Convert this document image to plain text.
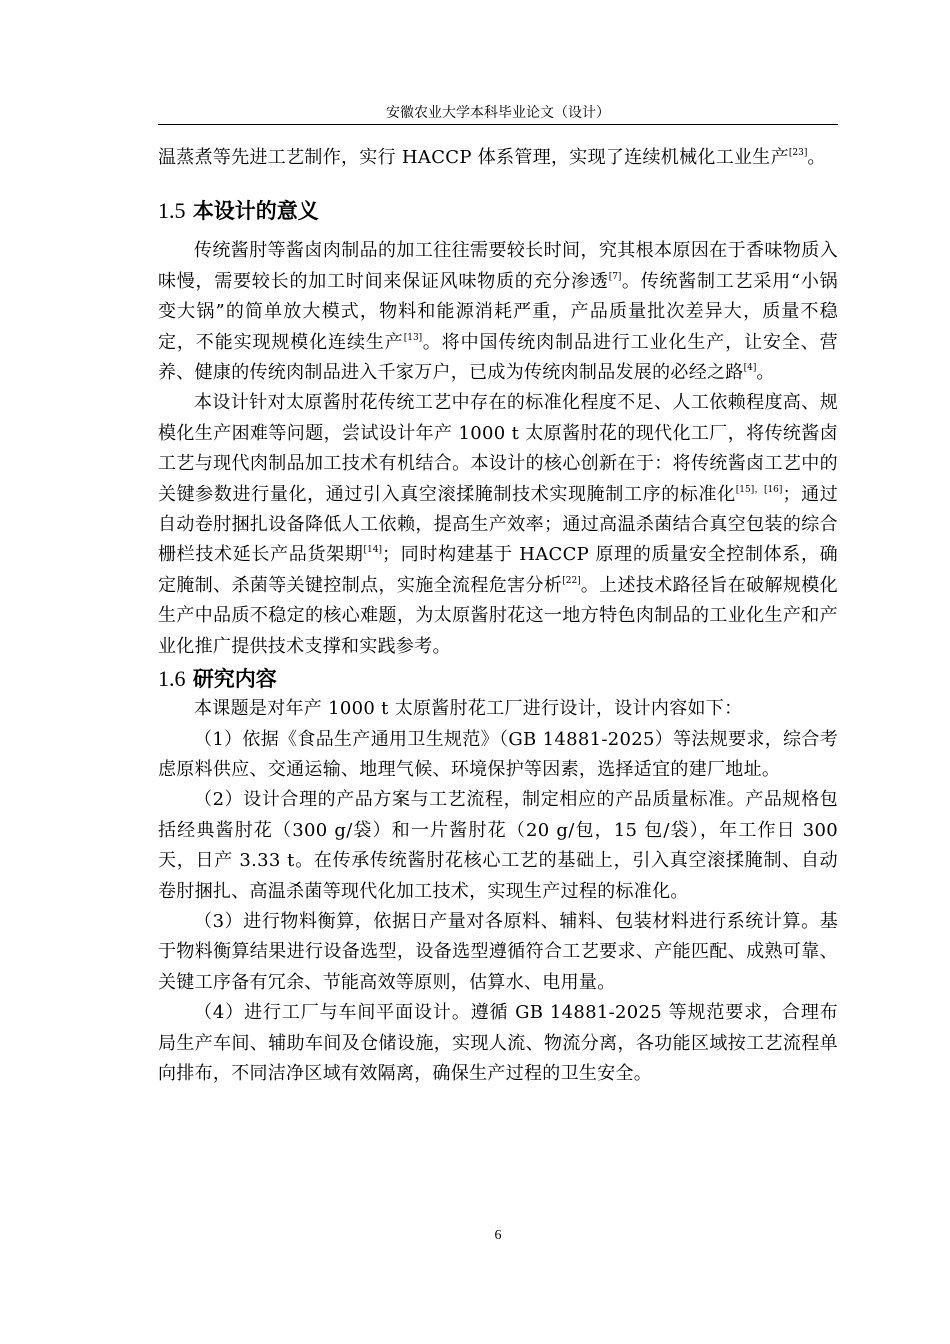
安徽农业大学本科毕业论文（设计）

温蒸煮等先进工艺制作，实行 HACCP 体系管理，实现了连续机械化工业生产[23]。

1.5 本设计的意义

传统酱肘等酱卤肉制品的加工往往需要较长时间，究其根本原因在于香味物质入味慢，需要较长的加工时间来保证风味物质的充分渗透[7]。传统酱制工艺采用“小锅变大锅”的简单放大模式，物料和能源消耗严重，产品质量批次差异大，质量不稳定，不能实现规模化连续生产[13]。将中国传统肉制品进行工业化生产，让安全、营养、健康的传统肉制品进入千家万户，已成为传统肉制品发展的必经之路[4]。

本设计针对太原酱肘花传统工艺中存在的标准化程度不足、人工依赖程度高、规模化生产困难等问题，尝试设计年产 1000 t 太原酱肘花的现代化工厂，将传统酱卤工艺与现代肉制品加工技术有机结合。本设计的核心创新在于：将传统酱卤工艺中的关键参数进行量化，通过引入真空滚揉腌制技术实现腌制工序的标准化[15]，[16]；通过自动卷肘捆扎设备降低人工依赖，提高生产效率；通过高温杀菌结合真空包装的综合栅栏技术延长产品货架期[14]；同时构建基于 HACCP 原理的质量安全控制体系，确定腌制、杀菌等关键控制点，实施全流程危害分析[22]。上述技术路径旨在破解规模化生产中品质不稳定的核心难题，为太原酱肘花这一地方特色肉制品的工业化生产和产业化推广提供技术支撑和实践参考。

1.6 研究内容

本课题是对年产 1000 t 太原酱肘花工厂进行设计，设计内容如下：

（1）依据《食品生产通用卫生规范》（GB 14881-2025）等法规要求，综合考虑原料供应、交通运输、地理气候、环境保护等因素，选择适宜的建厂地址。

（2）设计合理的产品方案与工艺流程，制定相应的产品质量标准。产品规格包括经典酱肘花（300 g/袋）和一片酱肘花（20 g/包，15 包/袋），年工作日 300 天，日产 3.33 t。在传承传统酱肘花核心工艺的基础上，引入真空滚揉腌制、自动卷肘捆扎、高温杀菌等现代化加工技术，实现生产过程的标准化。

（3）进行物料衡算，依据日产量对各原料、辅料、包装材料进行系统计算。基于物料衡算结果进行设备选型，设备选型遵循符合工艺要求、产能匹配、成熟可靠、关键工序备有冗余、节能高效等原则，估算水、电用量。

（4）进行工厂与车间平面设计。遵循 GB 14881-2025 等规范要求，合理布局生产车间、辅助车间及仓储设施，实现人流、物流分离，各功能区域按工艺流程单向排布，不同洁净区域有效隔离，确保生产过程的卫生安全。

6
